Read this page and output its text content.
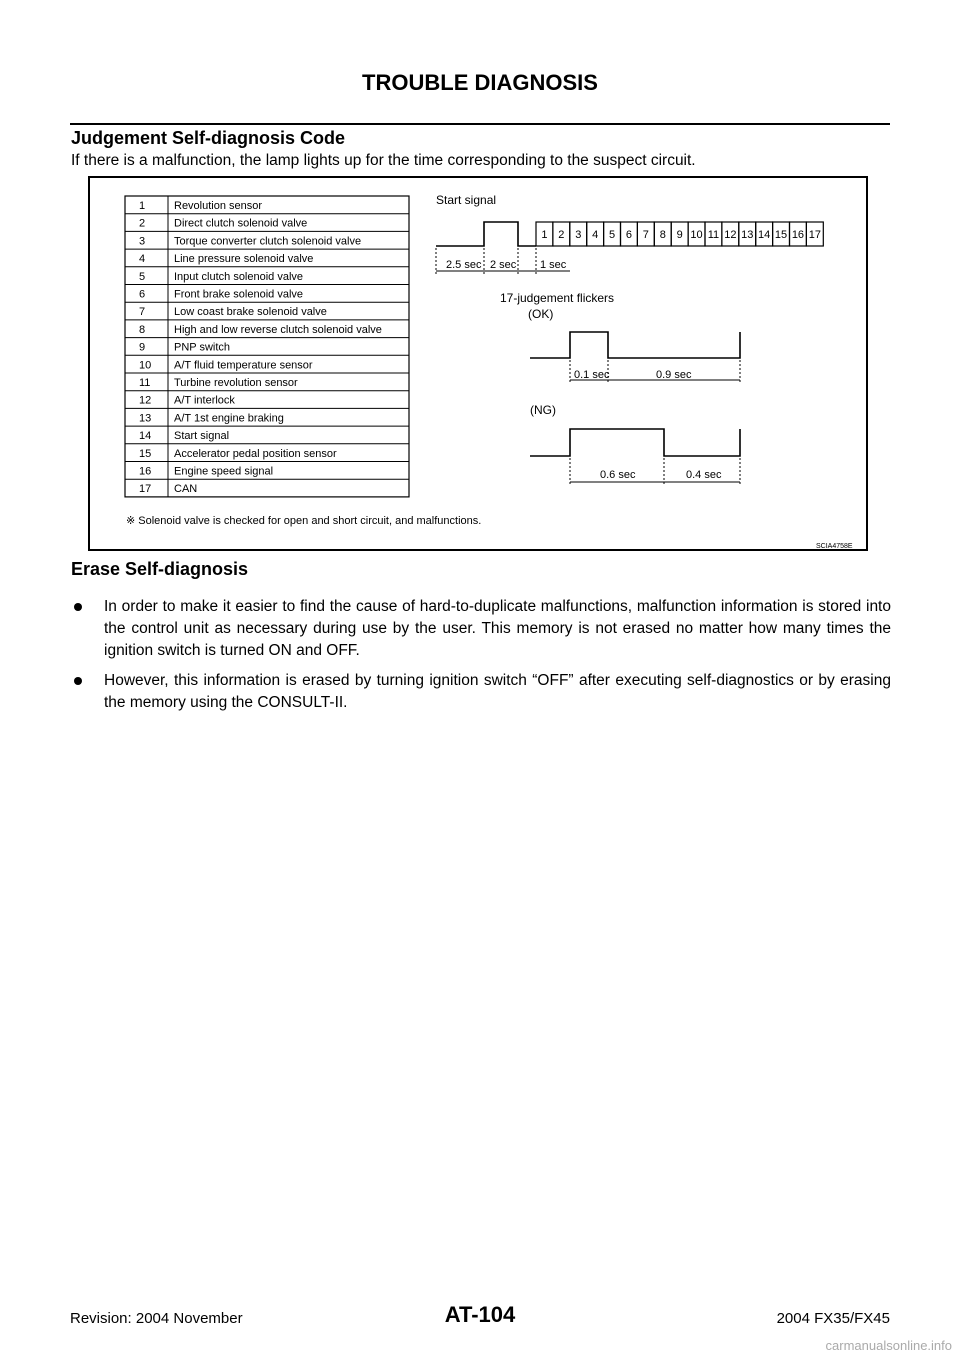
TROUBLE DIAGNOSIS
Judgement Self-diagnosis Code
If there is a malfunction, the lamp lights up for the time corresponding to the suspect circuit.
1	Revolution sensor
2	Direct clutch solenoid valve
3	Torque converter clutch solenoid valve
4	Line pressure solenoid valve
5	Input clutch solenoid valve
6	Front brake solenoid valve
7	Low coast brake solenoid valve
8	High and low reverse clutch solenoid valve
9	PNP switch
10 A/T fluid temperature sensor
11 Turbine revolution sensor
12 A/T interlock
13 A/T 1st engine braking
14 Start signal
15 Accelerator pedal position sensor
16 Engine speed signal
17 CAN
Start signal
1 2 3 4 5 6 7 8 9 10 11 12 13 14 15 16 17
2.5 sec 2 sec 1 sec
17-judgement flickers
(OK)
0.1 sec	0.9 sec
(NG)
0.6 sec	0.4 sec
※ Solenoid valve is checked for open and short circuit, and malfunctions.
SCIA4758E
Erase Self-diagnosis
In order to make it easier to find the cause of hard-to-duplicate malfunctions, malfunction information is stored into the control unit as necessary during use by the user. This memory is not erased no matter how many times the ignition switch is turned ON and OFF.
However, this information is erased by turning ignition switch “OFF” after executing self-diagnostics or by erasing the memory using the CONSULT-II.
Revision: 2004 November	AT-104	2004 FX35/FX45
carmanualsonline.info
